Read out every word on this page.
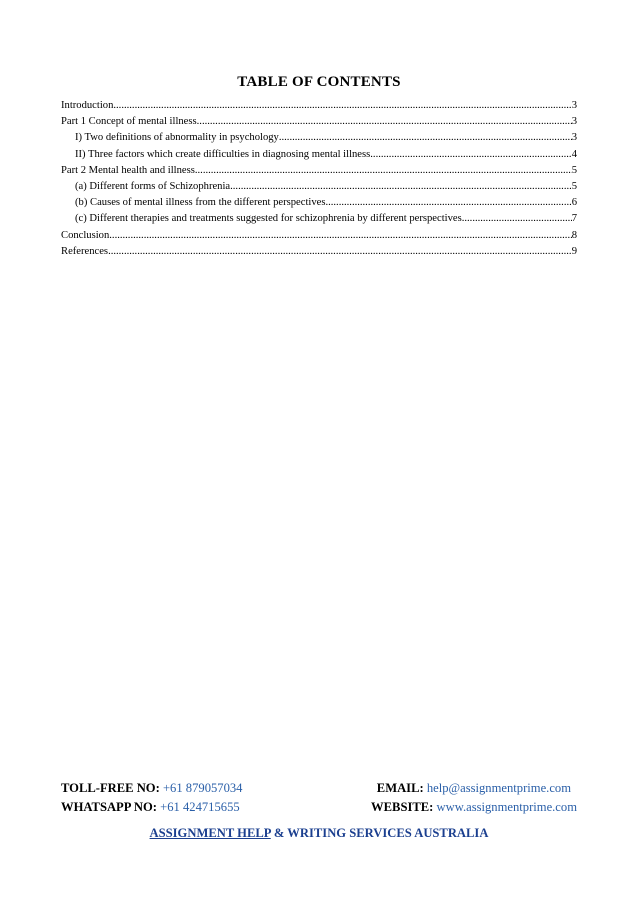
TABLE OF CONTENTS
Introduction .....	3
Part 1 Concept of mental illness .....	3
I) Two definitions of abnormality in psychology .....	3
II) Three factors which create difficulties in diagnosing mental illness .....	4
Part 2 Mental health and illness .....	5
(a) Different forms of Schizophrenia .....	5
(b) Causes of mental illness from the different perspectives .....	6
(c) Different therapies and treatments suggested for schizophrenia by different perspectives .....	7
Conclusion .....	8
References .....	9
TOLL-FREE NO: +61 879057034	EMAIL: help@assignmentprime.com
WHATSAPP NO: +61 424715655	WEBSITE: www.assignmentprime.com
ASSIGNMENT HELP & WRITING SERVICES AUSTRALIA
